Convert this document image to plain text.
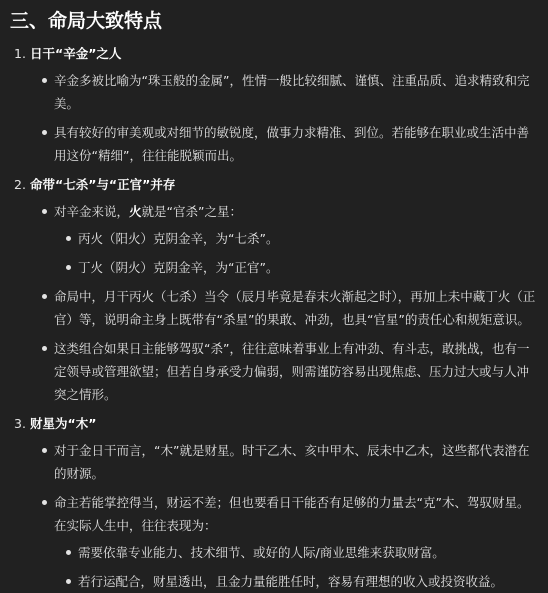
三、命局大致特点
1. 日干“辛金”之人
辛金多被比喻为“珠玉般的金属”，性情一般比较细腻、谨慎、注重品质、追求精致和完美。
具有较好的审美观或对细节的敏锐度，做事力求精准、到位。若能够在职业或生活中善用这份“精细”，往往能脱颖而出。
2. 命带“七杀”与“正官”并存
对辛金来说，火就是“官杀”之星：
丙火（阳火）克阴金辛，为“七杀”。
丁火（阴火）克阴金辛，为“正官”。
命局中，月干丙火（七杀）当令（辰月毕竟是春末火渐起之时），再加上未中藏丁火（正官）等，说明命主身上既带有“杀星”的果敢、冲劲，也具“官星”的责任心和规矩意识。
这类组合如果日主能够驾驭“杀”，往往意味着事业上有冲劲、有斗志，敢挑战，也有一定领导或管理欲望；但若自身承受力偏弱，则需谨防容易出现焦虑、压力过大或与人冲突之情形。
3. 财星为“木”
对于金日干而言，“木”就是财星。时干乙木、亥中甲木、辰未中乙木，这些都代表潜在的财源。
命主若能掌控得当，财运不差；但也要看日干能否有足够的力量去“克”木、驾驭财星。在实际人生中，往往表现为：
需要依靠专业能力、技术细节、或好的人际/商业思维来获取财富。
若行运配合，财星透出，且金力量能胜任时，容易有理想的收入或投资收益。
